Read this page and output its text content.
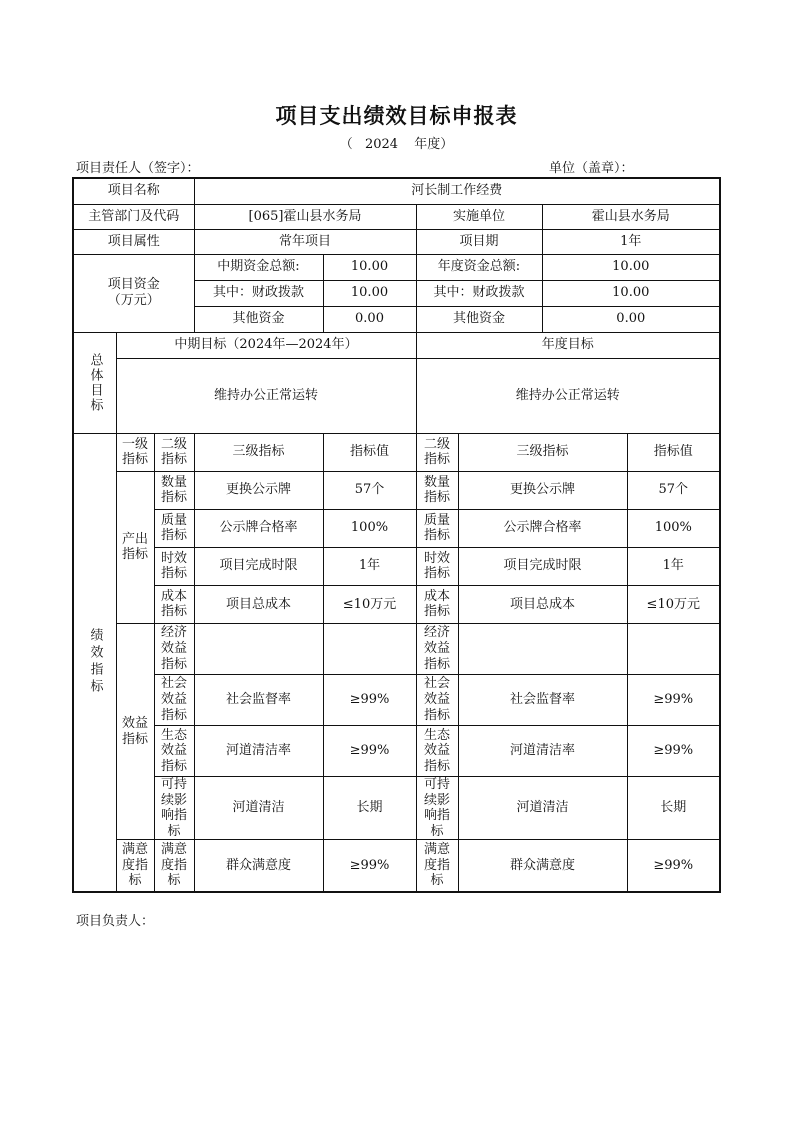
项目支出绩效目标申报表
（ 2024 年度）
项目责任人（签字）：	单位（盖章）：
项目名称			河长制工作经费					
主管部门及代码			[065]霍山县水务局		实施单位		霍山县水务局	
项目属性			常年项目		项目期		1年	

项目资金
（万元）			中期资金总额:	10.00	年度资金总额:		10.00	
			其中：财政拨款	10.00	其中：财政拨款		10.00	
			其他资金	0.00	其他资金		0.00	
总体目标	中期目标（2024年—2024年）				年度目标			
	维持办公正常运转				维持办公正常运转			
绩效指标	一级指标	二级指标	三级指标	指标值	二级指标	三级指标		指标值
	产出指标	数量指标	更换公示牌	57个	数量指标	更换公示牌		57个
		质量指标	公示牌合格率	100%	质量指标	公示牌合格率		100%
		时效指标	项目完成时限	1年	时效指标	项目完成时限		1年
		成本指标	项目总成本	≤10万元	成本指标	项目总成本		≤10万元
	效益指标	经济效益指标			经济效益指标			
		社会效益指标	社会监督率	≥99%	社会效益指标	社会监督率		≥99%
		生态效益指标	河道清洁率	≥99%	生态效益指标	河道清洁率		≥99%
		可持续影响指标	河道清洁	长期	可持续影响指标	河道清洁		长期
	满意度指标	满意度指标	群众满意度	≥99%	满意度指标	群众满意度		≥99%
项目负责人：
